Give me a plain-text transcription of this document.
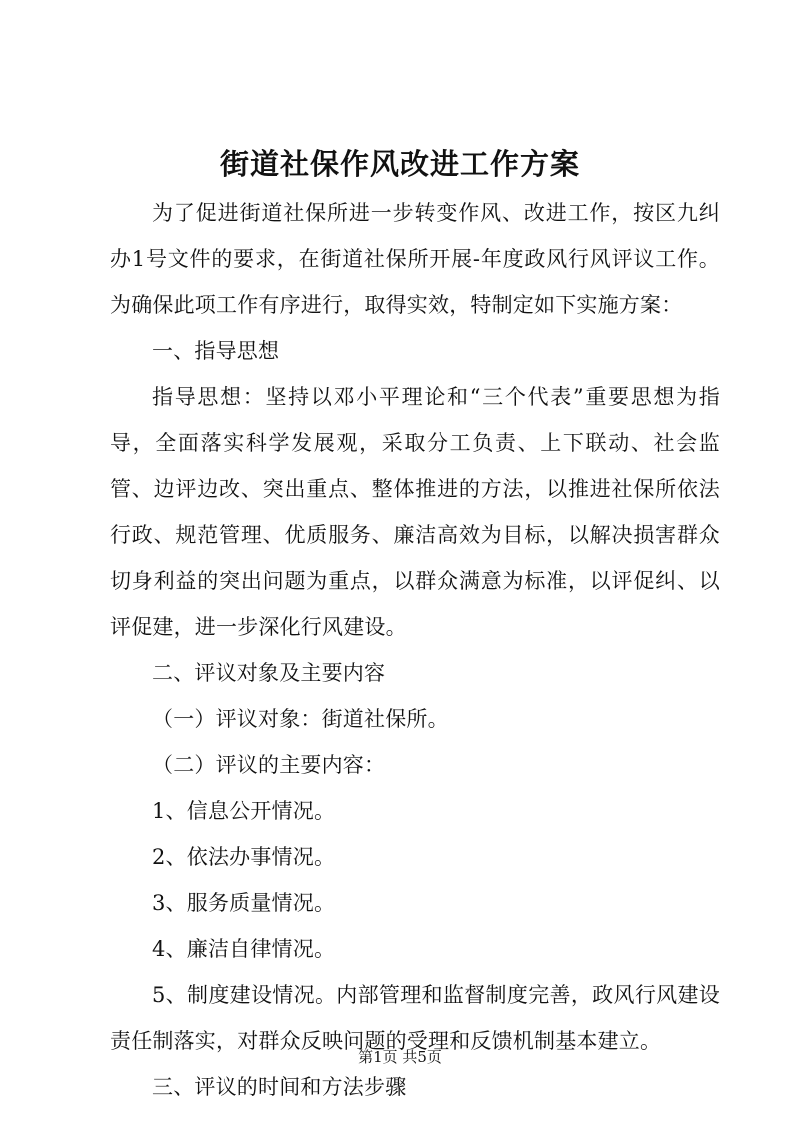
街道社保作风改进工作方案

为了促进街道社保所进一步转变作风、改进工作，按区九纠办1号文件的要求，在街道社保所开展-年度政风行风评议工作。为确保此项工作有序进行，取得实效，特制定如下实施方案：

一、指导思想

指导思想：坚持以邓小平理论和“三个代表”重要思想为指导，全面落实科学发展观，采取分工负责、上下联动、社会监管、边评边改、突出重点、整体推进的方法，以推进社保所依法行政、规范管理、优质服务、廉洁高效为目标，以解决损害群众切身利益的突出问题为重点，以群众满意为标准，以评促纠、以评促建，进一步深化行风建设。

二、评议对象及主要内容

（一）评议对象：街道社保所。

（二）评议的主要内容：

1、信息公开情况。

2、依法办事情况。

3、服务质量情况。

4、廉洁自律情况。

5、制度建设情况。内部管理和监督制度完善，政风行风建设责任制落实，对群众反映问题的受理和反馈机制基本建立。

三、评议的时间和方法步骤

第1页 共5页
